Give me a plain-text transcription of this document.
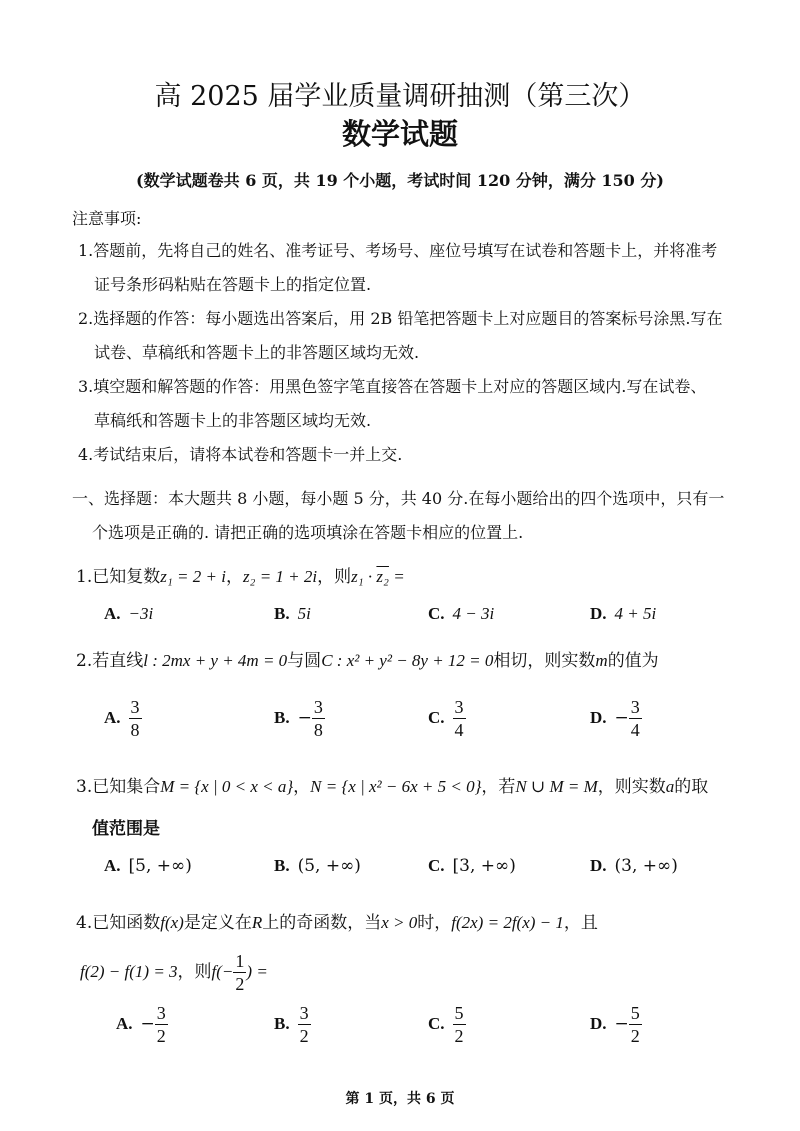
高 2025 届学业质量调研抽测（第三次）
数学试题
(数学试题卷共 6 页，共 19 个小题，考试时间 120 分钟，满分 150 分)
注意事项:
1.答题前，先将自己的姓名、准考证号、考场号、座位号填写在试卷和答题卡上，并将准考
证号条形码粘贴在答题卡上的指定位置.
2.选择题的作答：每小题选出答案后，用 2B 铅笔把答题卡上对应题目的答案标号涂黑.写在
试卷、草稿纸和答题卡上的非答题区域均无效.
3.填空题和解答题的作答：用黑色签字笔直接答在答题卡上对应的答题区域内.写在试卷、
草稿纸和答题卡上的非答题区域均无效.
4.考试结束后，请将本试卷和答题卡一并上交.
一、选择题：本大题共 8 小题，每小题 5 分，共 40 分.在每小题给出的四个选项中，只有一
个选项是正确的. 请把正确的选项填涂在答题卡相应的位置上.
1.已知复数z₁ = 2 + i，z₂ = 1 + 2i，则z₁ · z₂ =
A. −3i	B. 5i	C. 4 − 3i	D. 4 + 5i
2.若直线l : 2mx + y + 4m = 0与圆C : x² + y² − 8y + 12 = 0相切，则实数m的值为
A. $\frac{3}{8}$	B. − $\frac{3}{8}$	C. $\frac{3}{4}$	D. − $\frac{3}{4}$
3.已知集合M = {x | 0 < x < a}，N = {x | x² − 6x + 5 < 0}，若N ∪ M = M，则实数a的取
值范围是
A. [5, +∞)	B. (5, +∞)	C. [3, +∞)	D. (3, +∞)
4.已知函数f(x)是定义在R上的奇函数，当x > 0时，f(2x) = 2f(x) − 1，且
f(2) − f(1) = 3，则$f(- \frac{1}{2}$ ) =
A. − $\frac{3}{2}$	B. $\frac{3}{2}$	C. $\frac{5}{2}$	D. − $\frac{5}{2}$
第 1 页，共 6 页
